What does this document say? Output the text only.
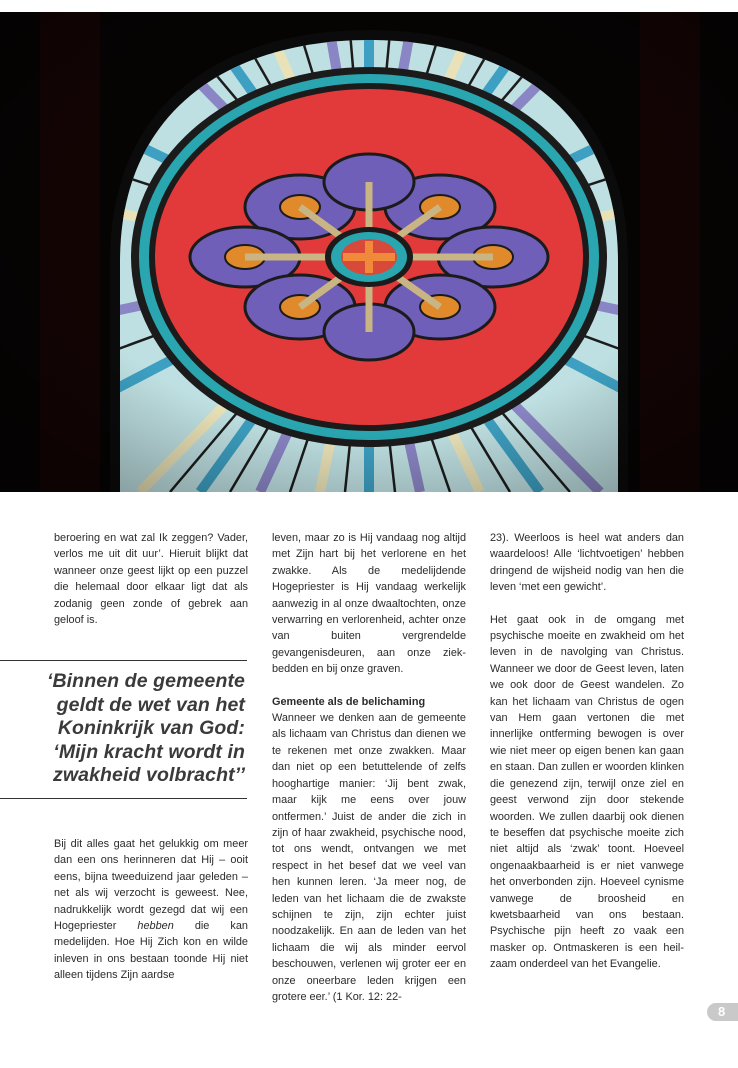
beroering en wat zal Ik zeggen? Vader, verlos me uit dit uur’. Hieruit blijkt dat wanneer onze geest lijkt op een puzzel die helemaal door elkaar ligt dat als zodanig geen zonde of gebrek aan geloof is.

‘Binnen de gemeente
geldt de wet van het
Koninkrijk van God:
‘Mijn kracht wordt in
zwakheid volbracht’’

Bij dit alles gaat het gelukkig om meer dan een ons herinneren dat Hij – ooit eens, bijna tweeduizend jaar geleden – net als wij verzocht is geweest. Nee, nadrukkelijk wordt gezegd dat wij een Hogepriester hebben die kan medelijden. Hoe Hij Zich kon en wilde inleven in ons bestaan toonde Hij niet alleen tijdens Zijn aardse

leven, maar zo is Hij vandaag nog altijd met Zijn hart bij het verlorene en het zwakke. Als de medelijdende Hogepriester is Hij vandaag werkelijk aanwezig in al onze dwaaltochten, onze verwarring en verlorenheid, achter onze van buiten vergrendelde gevangenisdeuren, aan onze ziekbedden en bij onze graven.

Gemeente als de belichaming

Wanneer we denken aan de gemeente als lichaam van Christus dan dienen we te rekenen met onze zwakken. Maar dan niet op een betuttelende of zelfs hooghartige manier: ‘Jij bent zwak, maar kijk me eens over jouw ontfermen.’ Juist de ander die zich in zijn of haar zwakheid, psychische nood, tot ons wendt, ontvangen we met respect in het besef dat we veel van hen kunnen leren. ‘Ja meer nog, de leden van het lichaam die de zwakste schijnen te zijn, zijn echter juist noodzakelijk. En aan de leden van het lichaam die wij als minder eervol beschouwen, verlenen wij groter eer en onze oneerbare leden krijgen een grotere eer.’ (1 Kor. 12: 22-

23). Weerloos is heel wat anders dan waardeloos! Alle ‘lichtvoetigen’ hebben dringend de wijsheid nodig van hen die leven ‘met een gewicht’.

Het gaat ook in de omgang met psychische moeite en zwakheid om het leven in de navolging van Christus. Wanneer we door de Geest leven, laten we ook door de Geest wandelen. Zo kan het lichaam van Christus de ogen van Hem gaan vertonen die met innerlijke ontferming bewogen is over wie niet meer op eigen benen kan gaan en staan. Dan zullen er woorden klinken die genezend zijn, terwijl onze ziel en geest verwond zijn door stekende woorden. We zullen daarbij ook dienen te beseffen dat psychische moeite zich niet altijd als ‘zwak’ toont. Hoeveel ongenaakbaarheid is er niet vanwege het onverbonden zijn. Hoeveel cynisme vanwege de broosheid en kwetsbaarheid van ons bestaan. Psychische pijn heeft zo vaak een masker op. Ontmaskeren is een heilzaam onderdeel van het Evangelie.

8
